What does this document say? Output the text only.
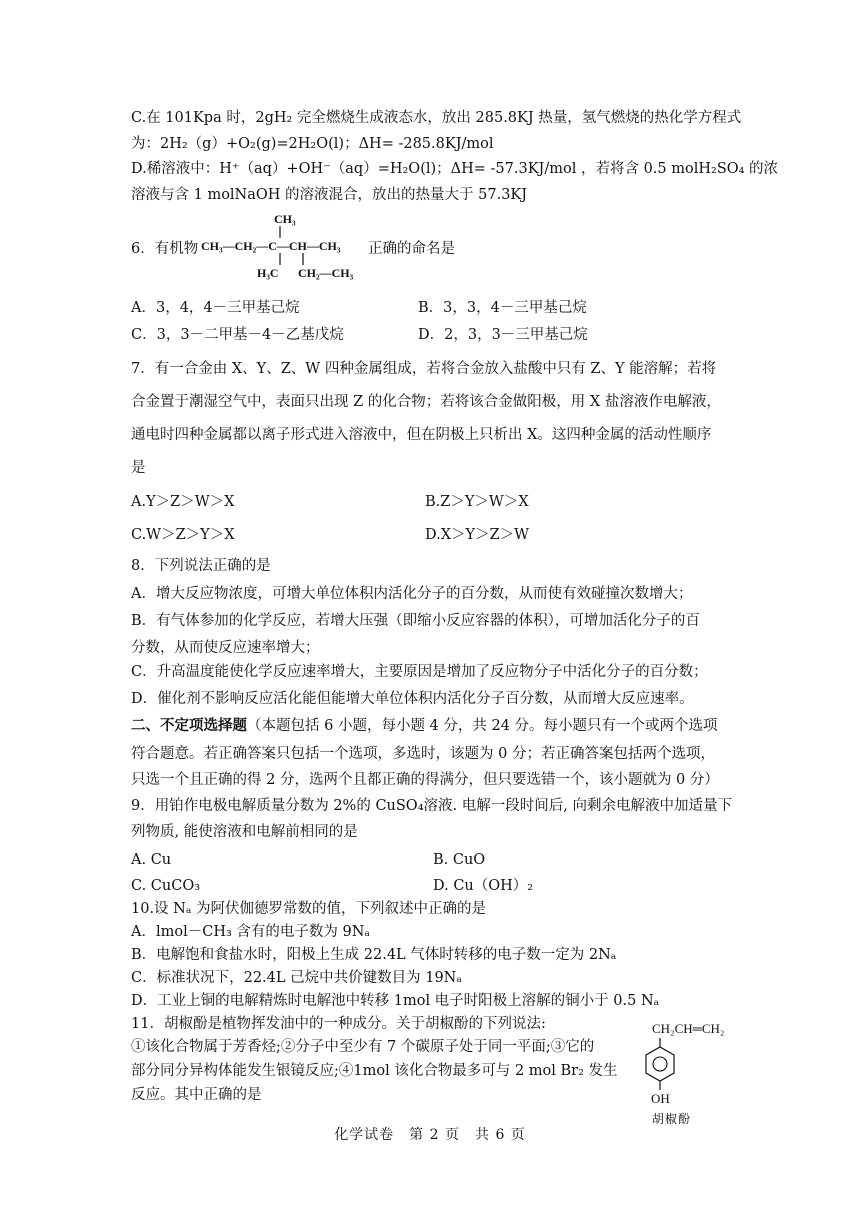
C.在 101Kpa 时，2gH₂ 完全燃烧生成液态水，放出 285.8KJ 热量，氢气燃烧的热化学方程式
为：2H₂（g）+O₂(g)=2H₂O(l)；ΔH= -285.8KJ/mol
D.稀溶液中：H⁺（aq）+OH⁻（aq）=H₂O(l)；ΔH= -57.3KJ/mol ，若将含 0.5 molH₂SO₄ 的浓
溶液与含 1 molNaOH 的溶液混合，放出的热量大于 57.3KJ
6．有机物
CH₃
CH₃—CH₂—C—CH—CH₃
H₃C CH₂—CH₃
正确的命名是
A．3，4，4－三甲基己烷	B．3，3，4－三甲基己烷
C．3，3－二甲基－4－乙基戊烷	D．2，3，3－三甲基己烷
7．有一合金由 X、Y、Z、W 四种金属组成，若将合金放入盐酸中只有 Z、Y 能溶解；若将
合金置于潮湿空气中，表面只出现 Z 的化合物；若将该合金做阳极，用 X 盐溶液作电解液，
通电时四种金属都以离子形式进入溶液中，但在阴极上只析出 X。这四种金属的活动性顺序
是
A.Y＞Z＞W＞X	B.Z＞Y＞W＞X
C.W＞Z＞Y＞X	D.X＞Y＞Z＞W
8．下列说法正确的是
A．增大反应物浓度，可增大单位体积内活化分子的百分数，从而使有效碰撞次数增大；
B．有气体参加的化学反应，若增大压强（即缩小反应容器的体积），可增加活化分子的百
分数，从而使反应速率增大；
C．升高温度能使化学反应速率增大，主要原因是增加了反应物分子中活化分子的百分数；
D．催化剂不影响反应活化能但能增大单位体积内活化分子百分数，从而增大反应速率。
二、不定项选择题（本题包括 6 小题，每小题 4 分，共 24 分。每小题只有一个或两个选项
符合题意。若正确答案只包括一个选项，多选时，该题为 0 分；若正确答案包括两个选项，
只选一个且正确的得 2 分，选两个且都正确的得满分，但只要选错一个，该小题就为 0 分）
9．用铂作电极电解质量分数为 2%的 CuSO₄溶液. 电解一段时间后, 向剩余电解液中加适量下
列物质, 能使溶液和电解前相同的是
A. Cu	B. CuO
C. CuCO₃	D. Cu（OH）₂
10.设 Nₐ 为阿伏伽德罗常数的值，下列叙述中正确的是
A．lmol－CH₃ 含有的电子数为 9Nₐ
B．电解饱和食盐水时，阳极上生成 22.4L 气体时转移的电子数一定为 2Nₐ
C．标准状况下，22.4L 己烷中共价键数目为 19Nₐ
D．工业上铜的电解精炼时电解池中转移 1mol 电子时阳极上溶解的铜小于 0.5 Nₐ
11．胡椒酚是植物挥发油中的一种成分。关于胡椒酚的下列说法:
①该化合物属于芳香烃;②分子中至少有 7 个碳原子处于同一平面;③它的
部分同分异构体能发生银镜反应;④1mol 该化合物最多可与 2 mol Br₂ 发生
反应。其中正确的是
CH₂CH═CH₂
OH
胡椒酚
化学试卷　第 2 页　共 6 页
